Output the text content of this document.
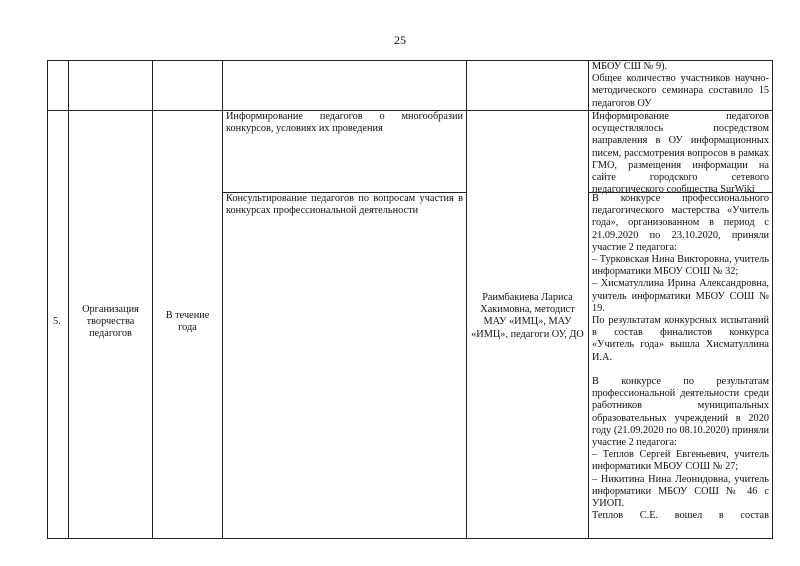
25

МБОУ СШ № 9).

Общее количество участников научно-методического семинара составило 15 педагогов ОУ

5.
Организация творчества педагогов
В течение года
Раимбакиева Лариса Хакимовна, методист МАУ «ИМЦ», МАУ «ИМЦ», педагоги ОУ, ДО

Информирование педагогов о многообразии конкурсов, условиях их проведения

Консультирование педагогов по вопросам участия в конкурсах профессиональной деятельности

Информирование педагогов осуществлялось посредством направления в ОУ информационных писем, рассмотрения вопросов в рамках ГМО, размещения информации на сайте городского сетевого педагогического сообщества SurWiki

В конкурсе профессионального педагогического мастерства «Учитель года», организованном в период с 21.09.2020 по 23.10.2020, приняли участие 2 педагога:

– Турковская Нина Викторовна, учитель информатики МБОУ СОШ № 32;

– Хисматуллина Ирина Александровна, учитель информатики МБОУ СОШ № 19.

По результатам конкурсных испытаний в состав финалистов конкурса «Учитель года» вышла Хисматуллина И.А.

В конкурсе по результатам профессиональной деятельности среди работников муниципальных образовательных учреждений в 2020 году (21.09.2020 по 08.10.2020) приняли участие 2 педагога:

– Теплов Сергей Евгеньевич, учитель информатики МБОУ СОШ № 27;

– Никитина Нина Леонидовна, учитель информатики МБОУ СОШ № 46 с УИОП.

Теплов С.Е. вошел в состав
